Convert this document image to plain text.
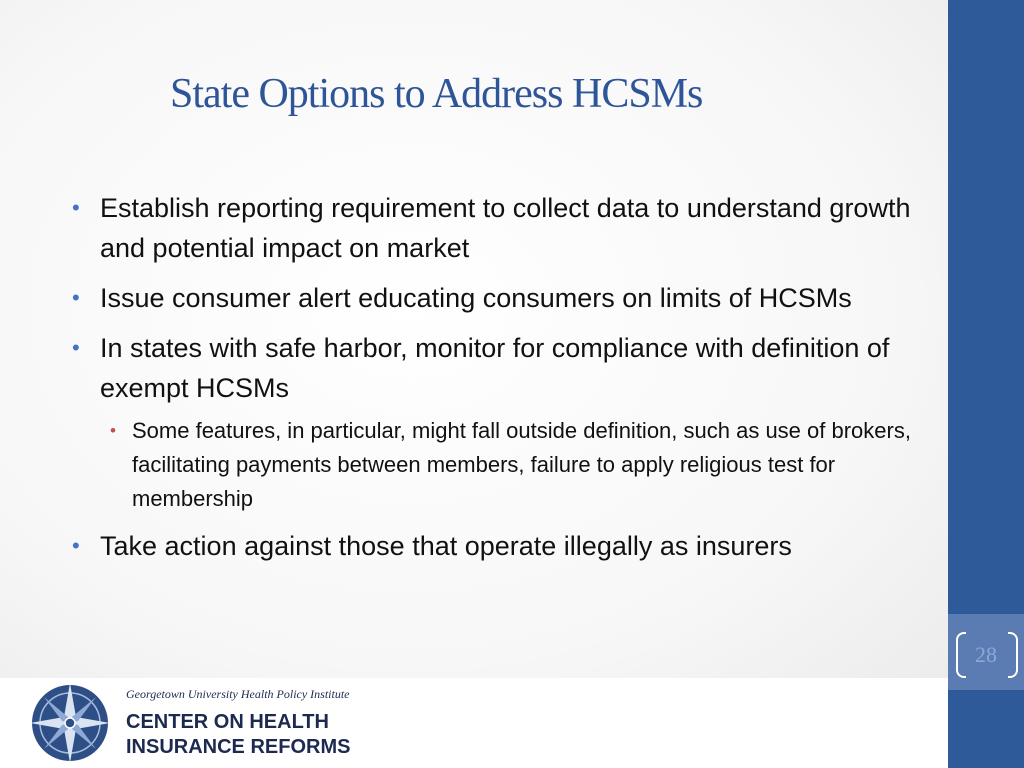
State Options to Address HCSMs
• Establish reporting requirement to collect data to understand growth and potential impact on market
• Issue consumer alert educating consumers on limits of HCSMs
• In states with safe harbor, monitor for compliance with definition of exempt HCSMs
• Some features, in particular, might fall outside definition, such as use of brokers, facilitating payments between members, failure to apply religious test for membership
• Take action against those that operate illegally as insurers
28
Georgetown University Health Policy Institute
CENTER ON HEALTH
INSURANCE REFORMS
